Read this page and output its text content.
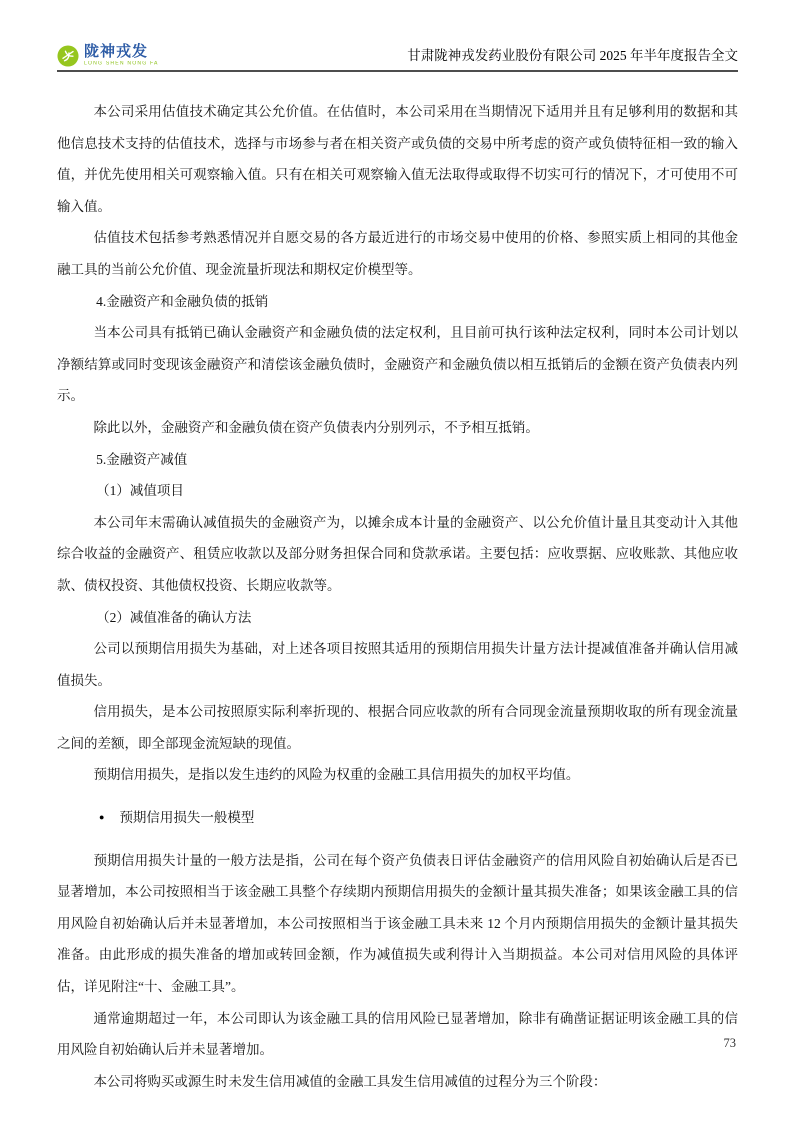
陇神戎发
LONG SHEN NONG FA
甘肃陇神戎发药业股份有限公司 2025 年半年度报告全文

本公司采用估值技术确定其公允价值。在估值时，本公司采用在当期情况下适用并且有足够利用的数据和其他信息技术支持的估值技术，选择与市场参与者在相关资产或负债的交易中所考虑的资产或负债特征相一致的输入值，并优先使用相关可观察输入值。只有在相关可观察输入值无法取得或取得不切实可行的情况下，才可使用不可输入值。

估值技术包括参考熟悉情况并自愿交易的各方最近进行的市场交易中使用的价格、参照实质上相同的其他金融工具的当前公允价值、现金流量折现法和期权定价模型等。

4.金融资产和金融负债的抵销

当本公司具有抵销已确认金融资产和金融负债的法定权利，且目前可执行该种法定权利，同时本公司计划以净额结算或同时变现该金融资产和清偿该金融负债时，金融资产和金融负债以相互抵销后的金额在资产负债表内列示。

除此以外，金融资产和金融负债在资产负债表内分别列示，不予相互抵销。

5.金融资产减值

（1）减值项目

本公司年末需确认减值损失的金融资产为，以摊余成本计量的金融资产、以公允价值计量且其变动计入其他综合收益的金融资产、租赁应收款以及部分财务担保合同和贷款承诺。主要包括：应收票据、应收账款、其他应收款、债权投资、其他债权投资、长期应收款等。

（2）减值准备的确认方法

公司以预期信用损失为基础，对上述各项目按照其适用的预期信用损失计量方法计提减值准备并确认信用减值损失。

信用损失，是本公司按照原实际利率折现的、根据合同应收款的所有合同现金流量预期收取的所有现金流量之间的差额，即全部现金流短缺的现值。

预期信用损失，是指以发生违约的风险为权重的金融工具信用损失的加权平均值。

● 预期信用损失一般模型

预期信用损失计量的一般方法是指，公司在每个资产负债表日评估金融资产的信用风险自初始确认后是否已显著增加，本公司按照相当于该金融工具整个存续期内预期信用损失的金额计量其损失准备；如果该金融工具的信用风险自初始确认后并未显著增加，本公司按照相当于该金融工具未来 12 个月内预期信用损失的金额计量其损失准备。由此形成的损失准备的增加或转回金额，作为减值损失或利得计入当期损益。本公司对信用风险的具体评估，详见附注“十、金融工具”。

通常逾期超过一年，本公司即认为该金融工具的信用风险已显著增加，除非有确凿证据证明该金融工具的信用风险自初始确认后并未显著增加。

本公司将购买或源生时未发生信用减值的金融工具发生信用减值的过程分为三个阶段：

73
